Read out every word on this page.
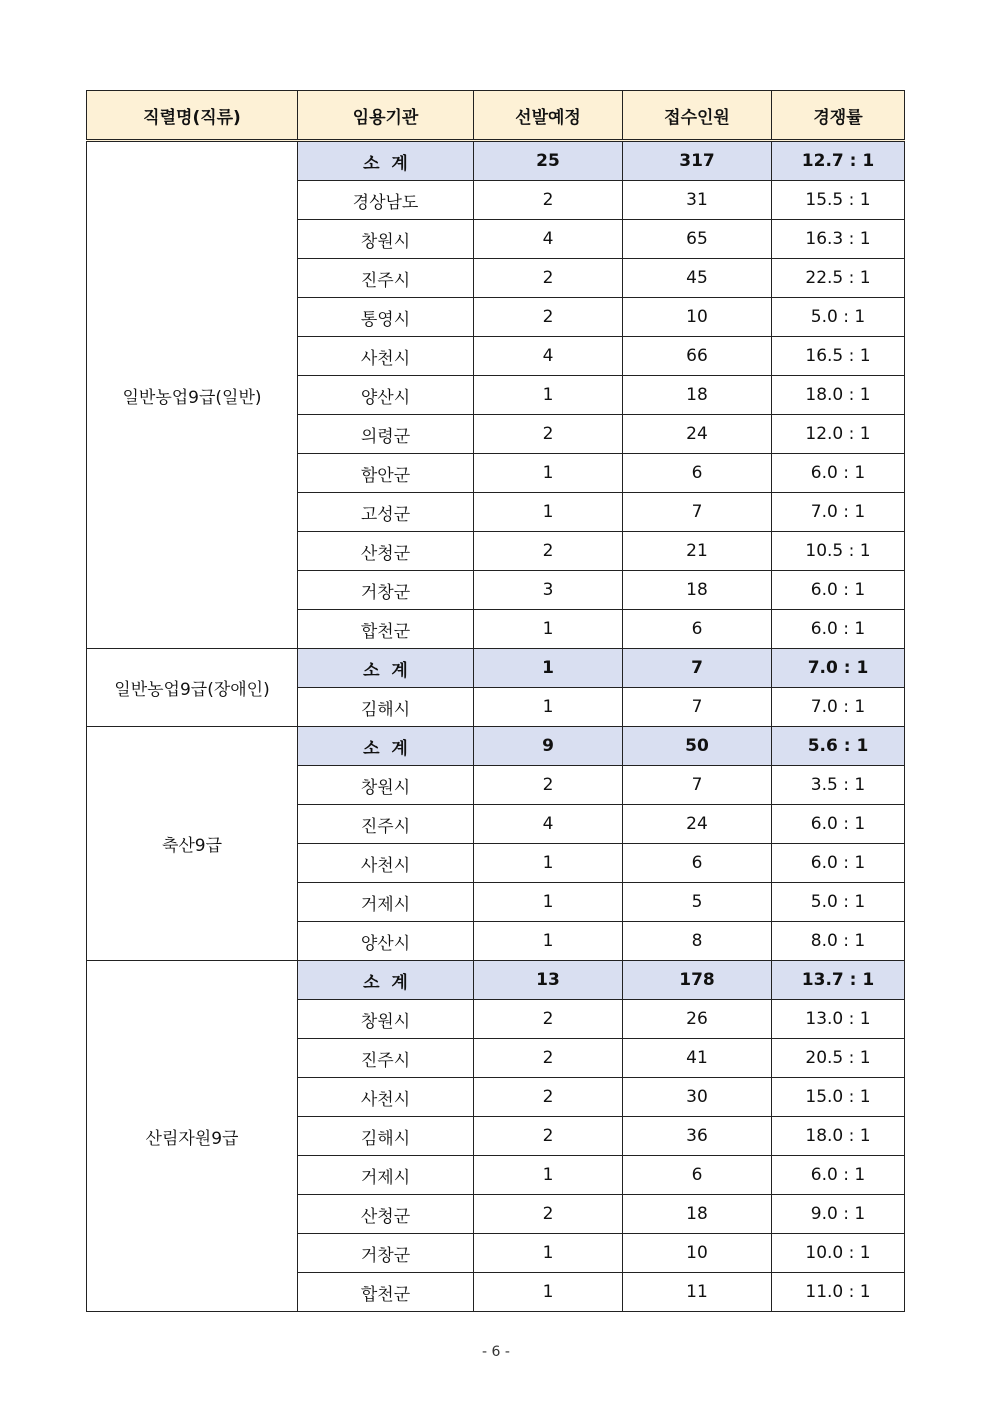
직렬명(직류)	임용기관	선발예정	접수인원	경쟁률
일반농업9급(일반)	소  계	25	317	12.7 : 1
	경상남도	2	31	15.5 : 1
	창원시	4	65	16.3 : 1
	진주시	2	45	22.5 : 1
	통영시	2	10	5.0 : 1
	사천시	4	66	16.5 : 1
	양산시	1	18	18.0 : 1
	의령군	2	24	12.0 : 1
	함안군	1	6	6.0 : 1
	고성군	1	7	7.0 : 1
	산청군	2	21	10.5 : 1
	거창군	3	18	6.0 : 1
	합천군	1	6	6.0 : 1
일반농업9급(장애인)	소  계	1	7	7.0 : 1
	김해시	1	7	7.0 : 1
축산9급	소  계	9	50	5.6 : 1
	창원시	2	7	3.5 : 1
	진주시	4	24	6.0 : 1
	사천시	1	6	6.0 : 1
	거제시	1	5	5.0 : 1
	양산시	1	8	8.0 : 1
산림자원9급	소  계	13	178	13.7 : 1
	창원시	2	26	13.0 : 1
	진주시	2	41	20.5 : 1
	사천시	2	30	15.0 : 1
	김해시	2	36	18.0 : 1
	거제시	1	6	6.0 : 1
	산청군	2	18	9.0 : 1
	거창군	1	10	10.0 : 1
	합천군	1	11	11.0 : 1
- 6 -
